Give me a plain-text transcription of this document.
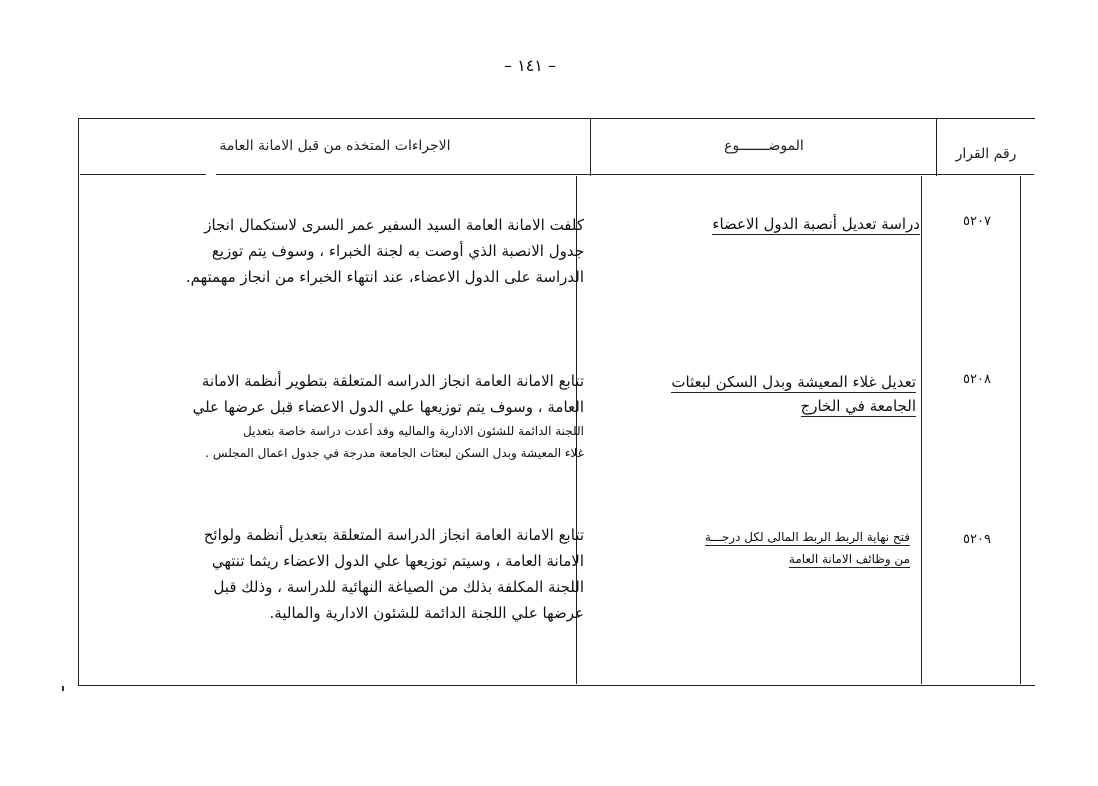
– ١٤١ –
الاجراءات المتخذه من قبل الامانة العامة	الموضـــــــوع	رقم القرار
٥٢٠٧
دراسة تعديل أنصبة الدول الاعضاء
كلفت الامانة العامة السيد السفير عمر السرى لاستكمال انجاز
جدول الانصبة الذي أوصت به لجنة الخبراء ، وسوف يتم توزيع
الدراسة على الدول الاعضاء، عند انتهاء الخبراء من انجاز مهمتهم.
٥٢٠٨
تعديل غلاء المعيشة وبدل السكن لبعثات
الجامعة في الخارج
تتابع الامانة العامة انجاز الدراسه المتعلقة بتطوير أنظمة الامانة
العامة ، وسوف يتم توزيعها علي الدول الاعضاء قبل عرضها علي
اللجنة الدائمة للشئون الادارية والماليه وقد أعدت دراسة خاصة بتعديل
غلاء المعيشة وبدل السكن لبعثات الجامعة مدرجة في جدول اعمال المجلس .
٥٢٠٩
فتح نهاية الربط الربط المالى لكل درجـــة
من وظائف الامانة العامة
تتابع الامانة العامة انجاز الدراسة المتعلقة بتعديل أنظمة ولوائح
الامانة العامة ، وسيتم توزيعها علي الدول الاعضاء ريثما تنتهي
اللجنة المكلفة بذلك من الصياغة النهائية للدراسة ، وذلك قبل
عرضها علي اللجنة الدائمة للشئون الادارية والمالية.
